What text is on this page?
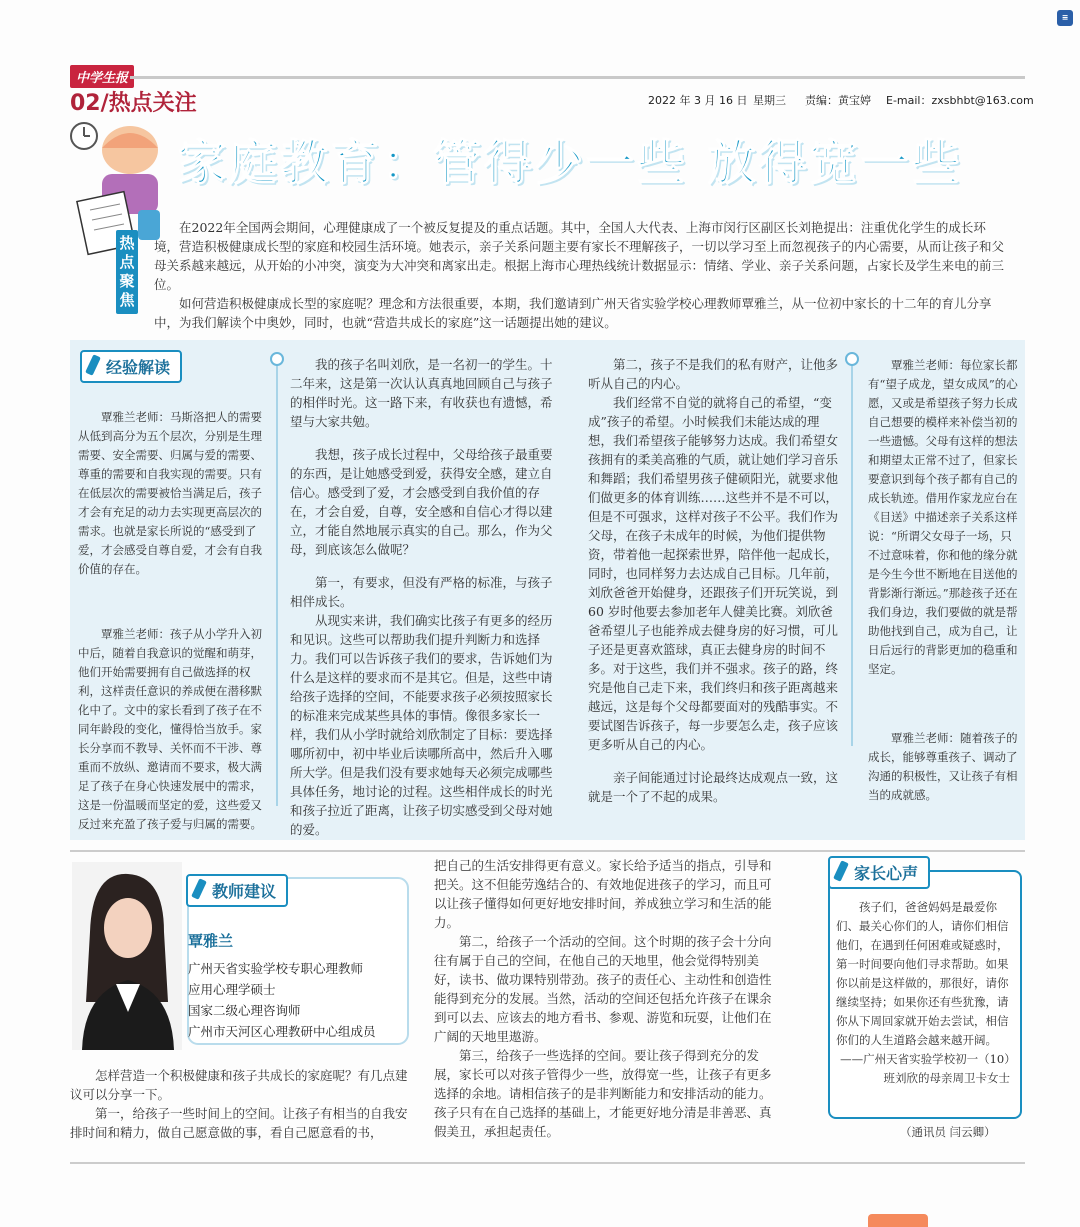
≡
中学生报
02/热点关注	2022 年 3 月 16 日 星期三 责编：黄宝婷 E-mail：zxsbhbt@163.com
家庭教育：管得少一些 放得宽一些
热点聚焦

在2022年全国两会期间，心理健康成了一个被反复提及的重点话题。其中，全国人大代表、上海市闵行区副区长刘艳提出：注重优化学生的成长环境，营造积极健康成长型的家庭和校园生活环境。她表示，亲子关系问题主要有家长不理解孩子，一切以学习至上而忽视孩子的内心需要，从而让孩子和父母关系越来越远，从开始的小冲突，演变为大冲突和离家出走。根据上海市心理热线统计数据显示：情绪、学业、亲子关系问题，占家长及学生来电的前三位。

如何营造积极健康成长型的家庭呢？理念和方法很重要，本期，我们邀请到广州天省实验学校心理教师覃雅兰，从一位初中家长的十二年的育儿分享中，为我们解读个中奥妙，同时，也就“营造共成长的家庭”这一话题提出她的建议。

经验解读

覃雅兰老师：马斯洛把人的需要从低到高分为五个层次，分别是生理需要、安全需要、归属与爱的需要、尊重的需要和自我实现的需要。只有在低层次的需要被恰当满足后，孩子才会有充足的动力去实现更高层次的需求。也就是家长所说的“感受到了爱，才会感受自尊自爱，才会有自我价值的存在。

覃雅兰老师：孩子从小学升入初中后，随着自我意识的觉醒和萌芽，他们开始需要拥有自己做选择的权利，这样责任意识的养成便在潜移默化中了。文中的家长看到了孩子在不同年龄段的变化，懂得恰当放手。家长分享而不教导、关怀而不干涉、尊重而不放纵、邀请而不要求，极大满足了孩子在身心快速发展中的需求，这是一份温暖而坚定的爱，这些爱又反过来充盈了孩子爱与归属的需要。

我的孩子名叫刘欣，是一名初一的学生。十二年来，这是第一次认认真真地回顾自己与孩子的相伴时光。这一路下来，有收获也有遗憾，希望与大家共勉。

我想，孩子成长过程中，父母给孩子最重要的东西，是让她感受到爱，获得安全感，建立自信心。感受到了爱，才会感受到自我价值的存在，才会自爱，自尊，安全感和自信心才得以建立，才能自然地展示真实的自己。那么，作为父母，到底该怎么做呢？

第一，有要求，但没有严格的标准，与孩子相伴成长。

从现实来讲，我们确实比孩子有更多的经历和见识。这些可以帮助我们提升判断力和选择力。我们可以告诉孩子我们的要求，告诉她们为什么是这样的要求而不是其它。但是，这些中请给孩子选择的空间，不能要求孩子必须按照家长的标准来完成某些具体的事情。像很多家长一样，我们从小学时就给刘欣制定了目标：要选择哪所初中，初中毕业后读哪所高中，然后升入哪所大学。但是我们没有要求她每天必须完成哪些具体任务，地讨论的过程。这些相伴成长的时光和孩子拉近了距离，让孩子切实感受到父母对她的爱。

第二，孩子不是我们的私有财产，让他多听从自己的内心。

我们经常不自觉的就将自己的希望，“变成”孩子的希望。小时候我们未能达成的理想，我们希望孩子能够努力达成。我们希望女孩拥有的柔美高雅的气质，就让她们学习音乐和舞蹈；我们希望男孩子健硕阳光，就要求他们做更多的体育训练……这些并不是不可以，但是不可强求，这样对孩子不公平。我们作为父母，在孩子未成年的时候，为他们提供物资，带着他一起探索世界，陪伴他一起成长，同时，也同样努力去达成自己目标。几年前，刘欣爸爸开始健身，还跟孩子们开玩笑说，到 60 岁时他要去参加老年人健美比赛。刘欣爸爸希望儿子也能养成去健身房的好习惯，可儿子还是更喜欢篮球，真正去健身房的时间不多。对于这些，我们并不强求。孩子的路，终究是他自己走下来，我们终归和孩子距离越来越远，这是每个父母都要面对的残酷事实。不要试图告诉孩子，每一步要怎么走，孩子应该更多听从自己的内心。

亲子间能通过讨论最终达成观点一致，这就是一个了不起的成果。

覃雅兰老师：每位家长都有“望子成龙，望女成凤”的心愿，又或是希望孩子努力长成自己想要的模样来补偿当初的一些遗憾。父母有这样的想法和期望太正常不过了，但家长要意识到每个孩子都有自己的成长轨迹。借用作家龙应台在《目送》中描述亲子关系这样说：“所谓父女母子一场，只不过意味着，你和他的缘分就是今生今世不断地在目送他的背影渐行渐远。”那趁孩子还在我们身边，我们要做的就是帮助他找到自己，成为自己，让日后远行的背影更加的稳重和坚定。

覃雅兰老师：随着孩子的成长，能够尊重孩子、调动了沟通的积极性，又让孩子有相当的成就感。

教师建议
覃雅兰
广州天省实验学校专职心理教师
应用心理学硕士
国家二级心理咨询师
广州市天河区心理教研中心组成员

怎样营造一个积极健康和孩子共成长的家庭呢？有几点建议可以分享一下。

第一，给孩子一些时间上的空间。让孩子有相当的自我安排时间和精力，做自己愿意做的事，看自己愿意看的书，

把自己的生活安排得更有意义。家长给予适当的指点，引导和把关。这不但能劳逸结合的、有效地促进孩子的学习，而且可以让孩子懂得如何更好地安排时间，养成独立学习和生活的能力。

第二，给孩子一个活动的空间。这个时期的孩子会十分向往有属于自己的空间，在他自己的天地里，他会觉得特别美好，读书、做功课特别带劲。孩子的责任心、主动性和创造性能得到充分的发展。当然，活动的空间还包括允许孩子在课余到可以去、应该去的地方看书、参观、游览和玩耍，让他们在广阔的天地里遨游。

第三，给孩子一些选择的空间。要让孩子得到充分的发展，家长可以对孩子管得少一些，放得宽一些，让孩子有更多选择的余地。请相信孩子的是非判断能力和安排活动的能力。孩子只有在自己选择的基础上，才能更好地分清是非善恶、真假美丑，承担起责任。

家长心声

孩子们，爸爸妈妈是最爱你们、最关心你们的人，请你们相信他们，在遇到任何困难或疑惑时，第一时间要向他们寻求帮助。如果你以前是这样做的，那很好，请你继续坚持；如果你还有些犹豫，请你从下周回家就开始去尝试，相信你们的人生道路会越来越开阔。

——广州天省实验学校初一（10）班刘欣的母亲周卫卡女士
（通讯员 闫云卿）
